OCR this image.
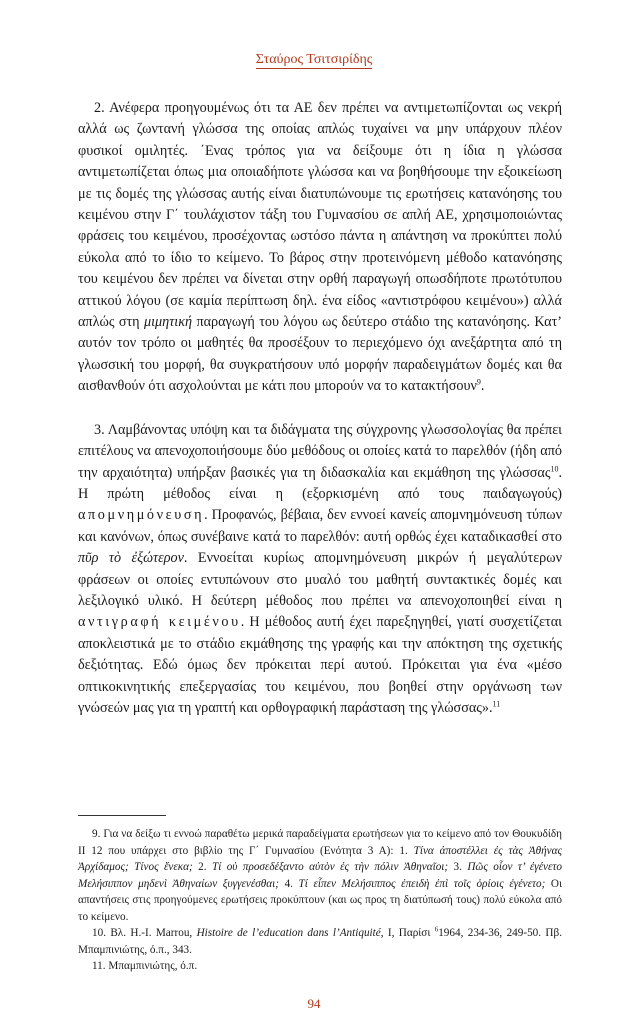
Σταύρος Τσιτσιρίδης

2. Ανέφερα προηγουμένως ότι τα ΑΕ δεν πρέπει να αντιμετωπίζονται ως νεκρή αλλά ως ζωντανή γλώσσα της οποίας απλώς τυχαίνει να μην υπάρχουν πλέον φυσικοί ομιλητές. ΄Ενας τρόπος για να δείξουμε ότι η ίδια η γλώσσα αντιμετωπίζεται όπως μια οποιαδήποτε γλώσσα και να βοηθήσουμε την εξοικείωση με τις δομές της γλώσσας αυτής είναι διατυπώνουμε τις ερωτήσεις κατανόησης του κειμένου στην Γ΄ τουλάχιστον τάξη του Γυμνασίου σε απλή ΑΕ, χρησιμοποιώντας φράσεις του κειμένου, προσέχοντας ωστόσο πάντα η απάντηση να προκύπτει πολύ εύκολα από το ίδιο το κείμενο. Το βάρος στην προτεινόμενη μέθοδο κατανόησης του κειμένου δεν πρέπει να δίνεται στην ορθή παραγωγή οπωσδήποτε πρωτότυπου αττικού λόγου (σε καμία περίπτωση δηλ. ένα είδος «αντιστρόφου κειμένου») αλλά απλώς στη μιμητική παραγωγή του λόγου ως δεύτερο στάδιο της κατανόησης. Κατ’ αυτόν τον τρόπο οι μαθητές θα προσέξουν το περιεχόμενο όχι ανεξάρτητα από τη γλωσσική του μορφή, θα συγκρατήσουν υπό μορφήν παραδειγμάτων δομές και θα αισθανθούν ότι ασχολούνται με κάτι που μπορούν να το κατακτήσουν$^9$.

3. Λαμβάνοντας υπόψη και τα διδάγματα της σύγχρονης γλωσσολογίας θα πρέπει επιτέλους να απενοχοποιήσουμε δύο μεθόδους οι οποίες κατά το παρελθόν (ήδη από την αρχαιότητα) υπήρξαν βασικές για τη διδασκαλία και εκμάθηση της γλώσσας$^{10}$. Η πρώτη μέθοδος είναι η (εξορκισμένη από τους παιδαγωγούς) απομνημόνευση. Προφανώς, βέβαια, δεν εννοεί κανείς απομνημόνευση τύπων και κανόνων, όπως συνέβαινε κατά το παρελθόν: αυτή ορθώς έχει καταδικασθεί στο πῦρ τὸ ἐξώτερον. Εννοείται κυρίως απομνημόνευση μικρών ή μεγαλύτερων φράσεων οι οποίες εντυπώνουν στο μυαλό του μαθητή συντακτικές δομές και λεξιλογικό υλικό. Η δεύτερη μέθοδος που πρέπει να απενοχοποιηθεί είναι η αντιγραφή κειμένου. Η μέθοδος αυτή έχει παρεξηγηθεί, γιατί συσχετίζεται αποκλειστικά με το στάδιο εκμάθησης της γραφής και την απόκτηση της σχετικής δεξιότητας. Εδώ όμως δεν πρόκειται περί αυτού. Πρόκειται για ένα «μέσο οπτικοκινητικής επεξεργασίας του κειμένου, που βοηθεί στην οργάνωση των γνώσεών μας για τη γραπτή και ορθογραφική παράσταση της γλώσσας».$^{11}$

9. Για να δείξω τι εννοώ παραθέτω μερικά παραδείγματα ερωτήσεων για το κείμενο από τον Θουκυδίδη ΙΙ 12 που υπάρχει στο βιβλίο της Γ΄ Γυμνασίου (Ενότητα 3 Α): 1. Τίνα ἀποστέλλει ἐς τὰς Ἀθήνας Ἀρχίδαμος; Τίνος ἕνεκα; 2. Τί οὐ προσεδέξαντο αὐτὸν ἐς τὴν πόλιν Ἀθηναῖοι; 3. Πῶς οἷον τ’ ἐγένετο Μελήσιππον μηδενὶ Ἀθηναίων ξυγγενέσθαι; 4. Τί εἶπεν Μελήσιππος ἐπειδὴ ἐπὶ τοῖς ὁρίοις ἐγένετο; Οι απαντήσεις στις προηγούμενες ερωτήσεις προκύπτουν (και ως προς τη διατύπωσή τους) πολύ εύκολα από το κείμενο.

10. Βλ. Η.-Ι. Marrou, Histoire de l’education dans l’Antiquité, Ι, Παρίσι $^6$1964, 234-36, 249-50. Πβ. Μπαμπινιώτης, ό.π., 343.

11. Μπαμπινιώτης, ό.π.

94
